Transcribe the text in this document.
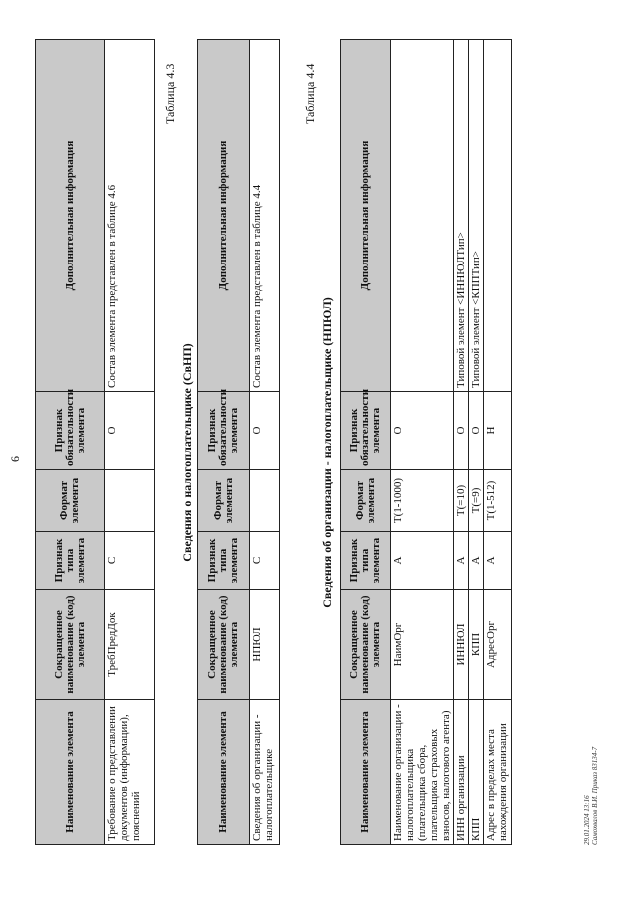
6
Наименование элемента	Сокращенное наименование (код) элемента	Признак типа элемента	Формат элемента	Признак обязательности элемента	Дополнительная информация
Требование о представлении документов (информации), пояснений	ТребПредДок	С		О	Состав элемента представлен в таблице 4.6
Таблица 4.3
Сведения о налогоплательщике (СвНП)
Наименование элемента	Сокращенное наименование (код) элемента	Признак типа элемента	Формат элемента	Признак обязательности элемента	Дополнительная информация
Сведения об организации - налогоплательщике	НПЮЛ	С		О	Состав элемента представлен в таблице 4.4
Таблица 4.4
Сведения об организации - налогоплательщике (НПЮЛ)
Наименование элемента	Сокращенное наименование (код) элемента	Признак типа элемента	Формат элемента	Признак обязательности элемента	Дополнительная информация
Наименование организации - налогоплательщика (плательщика сбора, плательщика страховых взносов, налогового агента)	НаимОрг	А	T(1-1000)	О	
ИНН организации	ИННЮЛ	А	T(=10)	О	Типовой элемент <ИННЮЛТип>
КПП	КПП	А	T(=9)	О	Типовой элемент <КППТип>
Адрес в пределах места нахождения организации	АдресОрг	А	T(1-512)	Н	
29.01.2024 13:16 Самохвалов В.И. Приказ 83134-7
